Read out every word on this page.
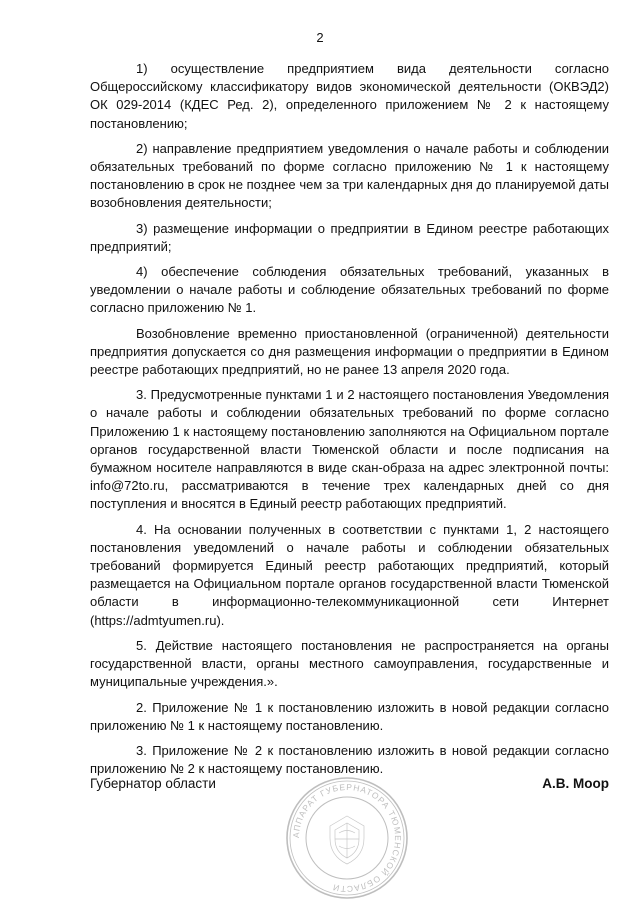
2

1) осуществление предприятием вида деятельности согласно Общероссийскому классификатору видов экономической деятельности (ОКВЭД2) ОК 029-2014 (КДЕС Ред. 2), определенного приложением № 2 к настоящему постановлению;

2) направление предприятием уведомления о начале работы и соблюдении обязательных требований по форме согласно приложению № 1 к настоящему постановлению в срок не позднее чем за три календарных дня до планируемой даты возобновления деятельности;

3) размещение информации о предприятии в Едином реестре работающих предприятий;

4) обеспечение соблюдения обязательных требований, указанных в уведомлении о начале работы и соблюдение обязательных требований по форме согласно приложению № 1.

Возобновление временно приостановленной (ограниченной) деятельности предприятия допускается со дня размещения информации о предприятии в Едином реестре работающих предприятий, но не ранее 13 апреля 2020 года.

3. Предусмотренные пунктами 1 и 2 настоящего постановления Уведомления о начале работы и соблюдении обязательных требований по форме согласно Приложению 1 к настоящему постановлению заполняются на Официальном портале органов государственной власти Тюменской области и после подписания на бумажном носителе направляются в виде скан-образа на адрес электронной почты: info@72to.ru, рассматриваются в течение трех календарных дней со дня поступления и вносятся в Единый реестр работающих предприятий.

4. На основании полученных в соответствии с пунктами 1, 2 настоящего постановления уведомлений о начале работы и соблюдении обязательных требований формируется Единый реестр работающих предприятий, который размещается на Официальном портале органов государственной власти Тюменской области в информационно-телекоммуникационной сети Интернет (https://admtyumen.ru).

5. Действие настоящего постановления не распространяется на органы государственной власти, органы местного самоуправления, государственные и муниципальные учреждения.».

2. Приложение № 1 к постановлению изложить в новой редакции согласно приложению № 1 к настоящему постановлению.

3. Приложение № 2 к постановлению изложить в новой редакции согласно приложению № 2 к настоящему постановлению.

Губернатор области	А.В. Моор
АППАРАТ ГУБЕРНАТОРА ТЮМЕНСКОЙ ОБЛАСТИ
